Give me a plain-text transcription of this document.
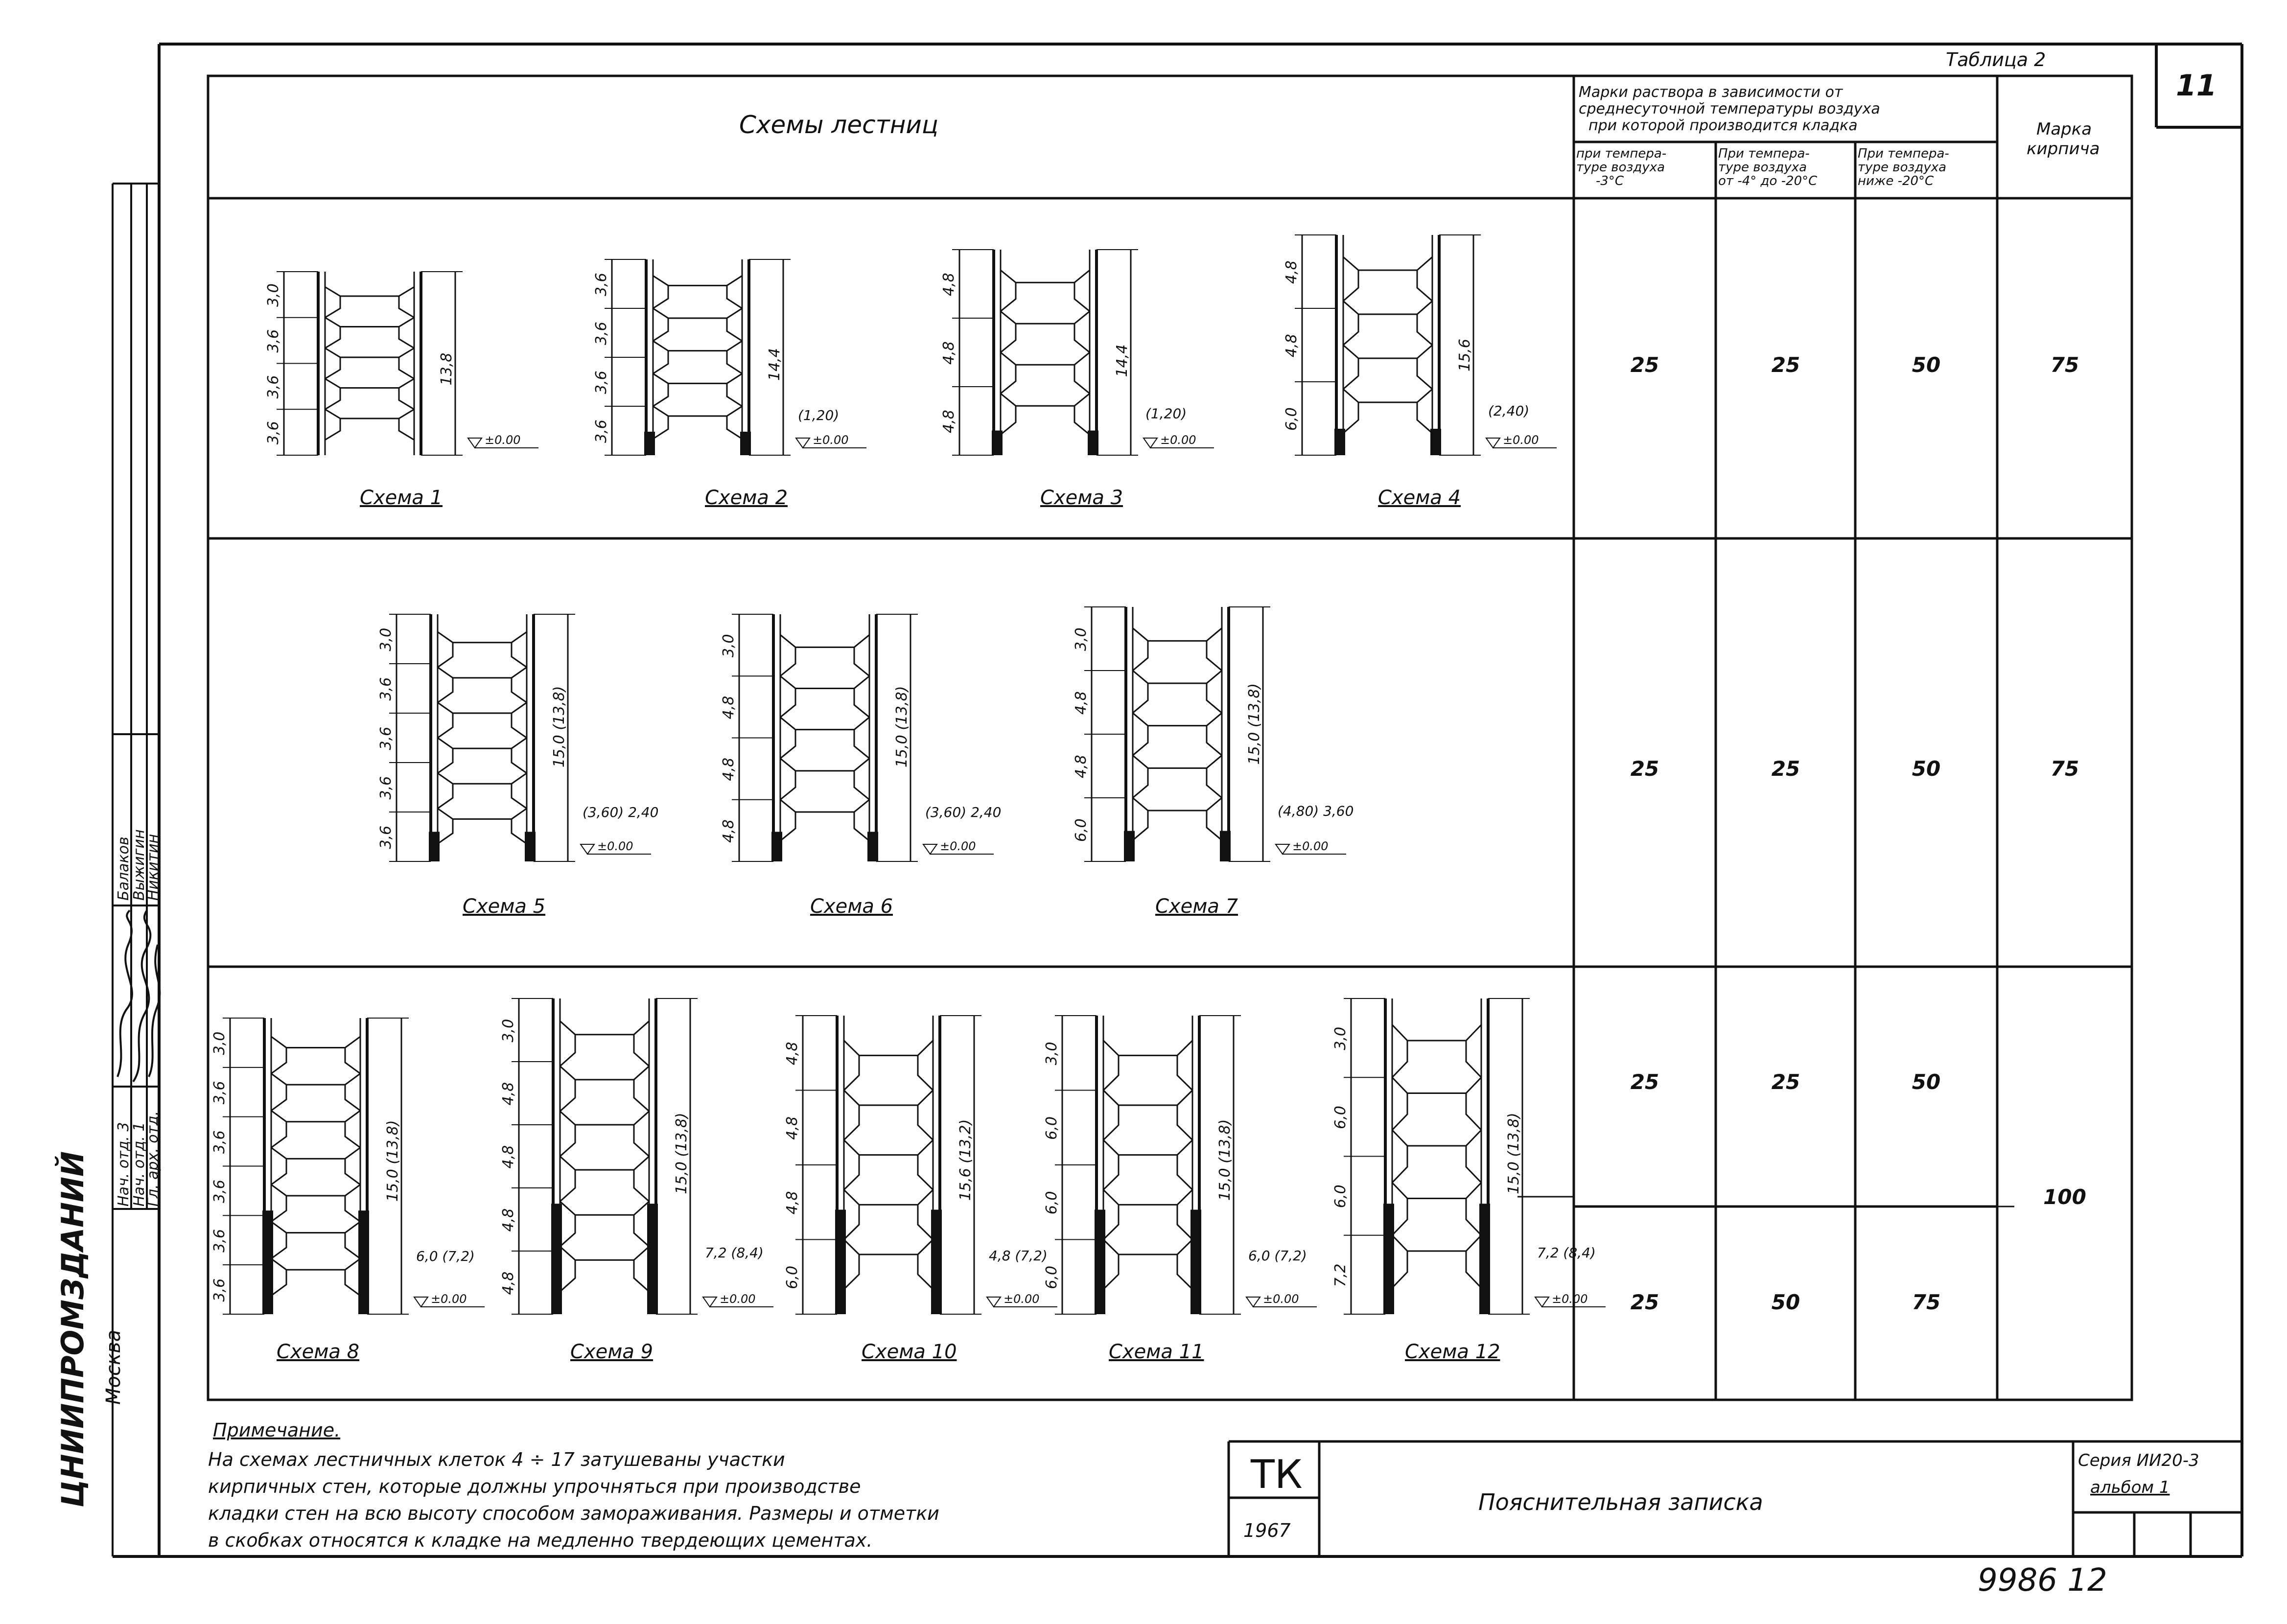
ЦНИИПРОМЗДАНИЙ Москва
Нач. отд. 3
Нач. отд. 1
Гл. арх. отд.
Балаков
Выжигин
Никитин
Таблица 2
11
Схемы лестниц
Марки раствора в зависимости от
среднесуточной температуры воздуха
при которой производится кладка
при темпера-
туре воздуха
-3°С
При темпера-
туре воздуха
от -4° до -20°С
При темпера-
туре воздуха
ниже -20°С
Марка
кирпича
25	25	50	75
25	25	50	75
25	25	50
25	50	75
100
3,0
3,6
3,6
3,6
13,8
±0.00
Схема 1
3,6
3,6
3,6
3,6
14,4
(1,20)
±0.00
Схема 2
4,8
4,8
4,8
14,4
(1,20)
±0.00
Схема 3
4,8
4,8
6,0
15,6
(2,40)
±0.00
Схема 4
3,0
3,6
3,6
3,6
3,6
15,0 (13,8)
(3,60) 2,40
±0.00
Схема 5
3,0
4,8
4,8
4,8
15,0 (13,8)
(3,60) 2,40
±0.00
Схема 6
3,0
4,8
4,8
6,0
15,0 (13,8)
(4,80) 3,60
±0.00
Схема 7
3,0
3,6
3,6
3,6
3,6
3,6
15,0 (13,8)
6,0 (7,2)
±0.00
Схема 8
3,0
4,8
4,8
4,8
4,8
15,0 (13,8)
7,2 (8,4)
±0.00
Схема 9
4,8
4,8
4,8
6,0
15,6 (13,2)
4,8 (7,2)
±0.00
Схема 10
3,0
6,0
6,0
6,0
15,0 (13,8)
6,0 (7,2)
±0.00
Схема 11
3,0
6,0
6,0
7,2
15,0 (13,8)
7,2 (8,4)
±0.00
Схема 12
Примечание.
На схемах лестничных клеток 4 ÷ 17 затушеваны участки
кирпичных стен, которые должны упрочняться при производстве
кладки стен на всю высоту способом замораживания. Размеры и отметки
в скобках относятся к кладке на медленно твердеющих цементах.
ТК
1967
Пояснительная записка
Серия ИИ20-3
альбом 1
9986 12
